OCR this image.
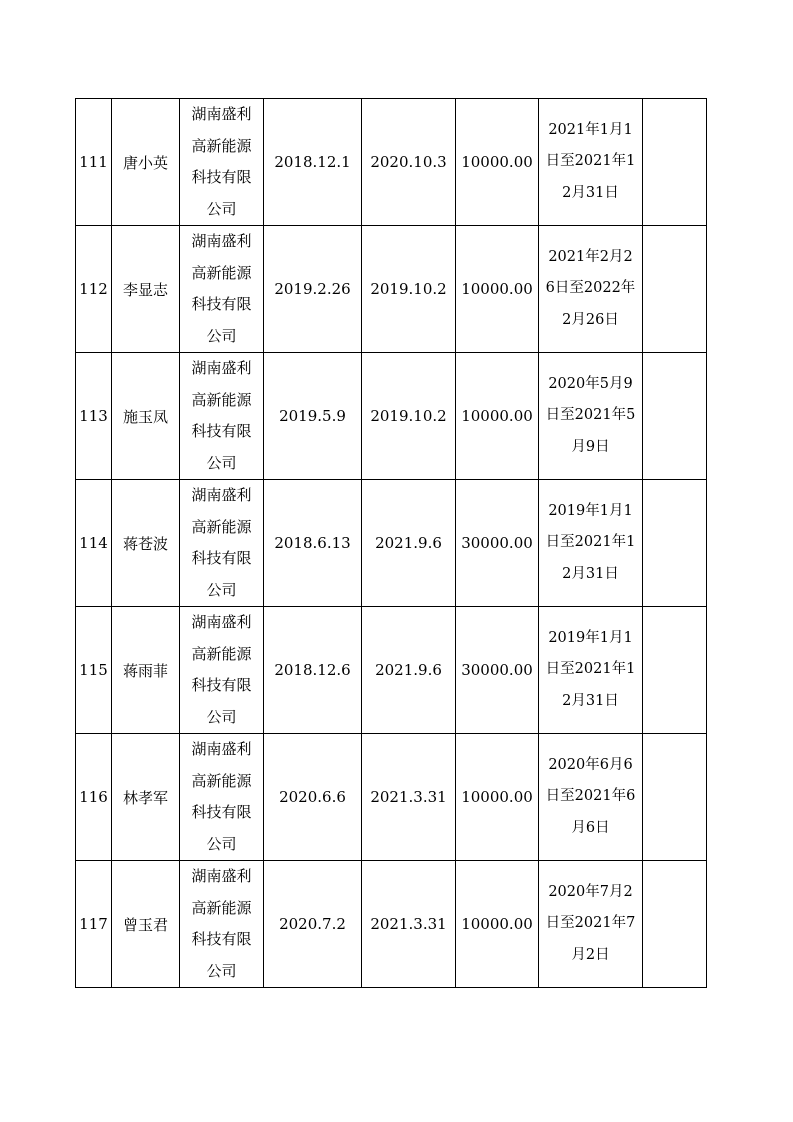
111	唐小英	湖南盛利高新能源科技有限公司	2018.12.1	2020.10.3	10000.00	2021年1月1日至2021年12月31日	

112	李显志	湖南盛利高新能源科技有限公司	2019.2.26	2019.10.2	10000.00	2021年2月26日至2022年2月26日	

113	施玉凤	湖南盛利高新能源科技有限公司	2019.5.9	2019.10.2	10000.00	2020年5月9日至2021年5月9日	

114	蒋苍波	湖南盛利高新能源科技有限公司	2018.6.13	2021.9.6	30000.00	2019年1月1日至2021年12月31日	

115	蒋雨菲	湖南盛利高新能源科技有限公司	2018.12.6	2021.9.6	30000.00	2019年1月1日至2021年12月31日	

116	林孝军	湖南盛利高新能源科技有限公司	2020.6.6	2021.3.31	10000.00	2020年6月6日至2021年6月6日	

117	曾玉君	湖南盛利高新能源科技有限公司	2020.7.2	2021.3.31	10000.00	2020年7月2日至2021年7月2日	
